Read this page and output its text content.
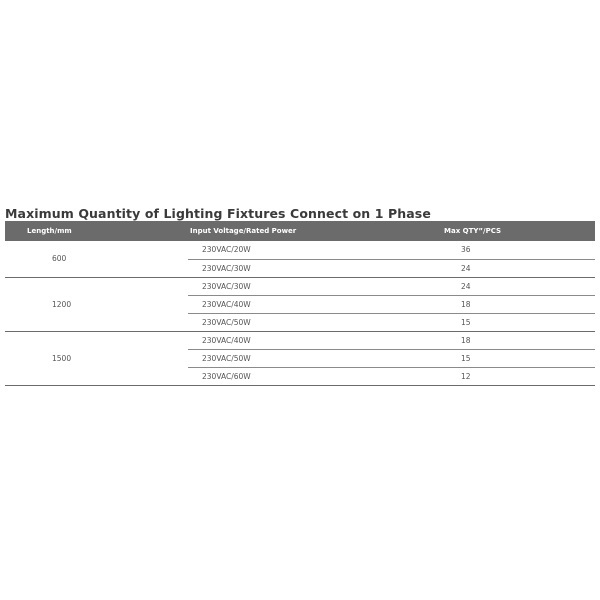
Maximum Quantity of Lighting Fixtures Connect on 1 Phase
Length/mm	Input Voltage/Rated Power	Max QTY”/PCS
600	230VAC/20W	36
	230VAC/30W	24
1200	230VAC/30W	24
	230VAC/40W	18
	230VAC/50W	15
1500	230VAC/40W	18
	230VAC/50W	15
	230VAC/60W	12
